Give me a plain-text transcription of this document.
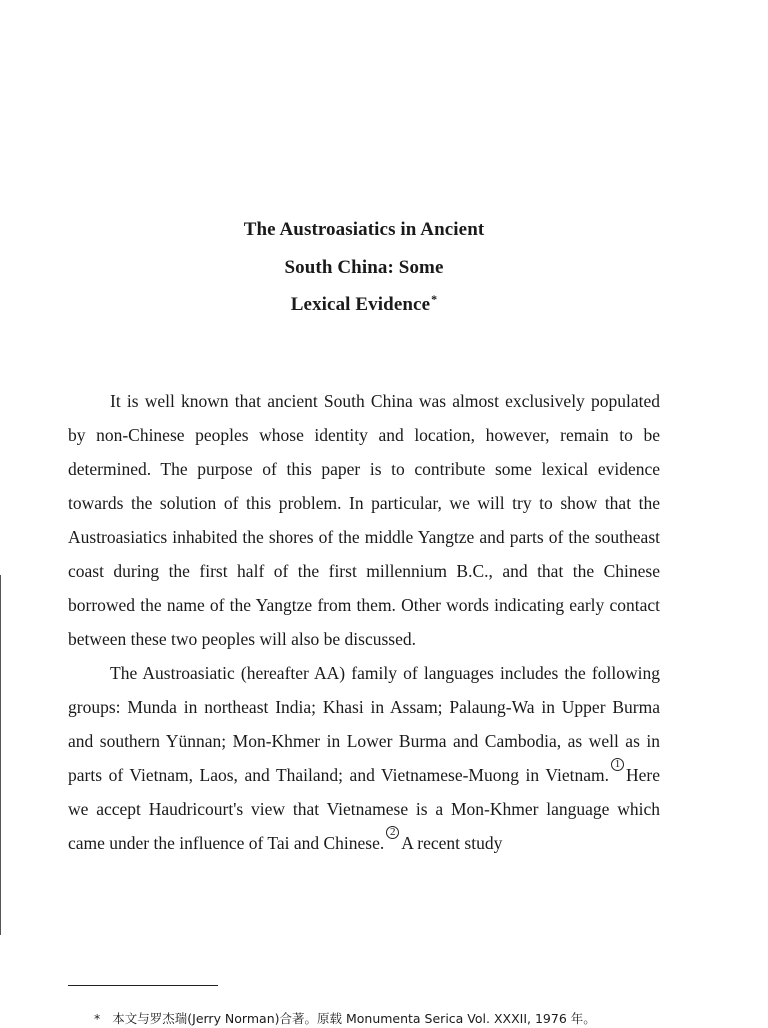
The Austroasiatics in Ancient
South China: Some
Lexical Evidence*

It is well known that ancient South China was almost exclusively populated by non-Chinese peoples whose identity and location, however, remain to be determined. The purpose of this paper is to contribute some lexical evidence towards the solution of this problem. In particular, we will try to show that the Austroasiatics inhabited the shores of the middle Yangtze and parts of the southeast coast during the first half of the first millennium B.C., and that the Chinese borrowed the name of the Yangtze from them. Other words indicating early contact between these two peoples will also be discussed.

The Austroasiatic (hereafter AA) family of languages includes the following groups: Munda in northeast India; Khasi in Assam; Palaung-Wa in Upper Burma and southern Yünnan; Mon-Khmer in Lower Burma and Cambodia, as well as in parts of Vietnam, Laos, and Thailand; and Vietnamese-Muong in Vietnam.1Here we accept Haudricourt's view that Vietnamese is a Mon-Khmer language which came under the influence of Tai and Chinese.2A recent study

* 本文与罗杰瑞(Jerry Norman)合著。原载 Monumenta Serica Vol. XXXII, 1976 年。
